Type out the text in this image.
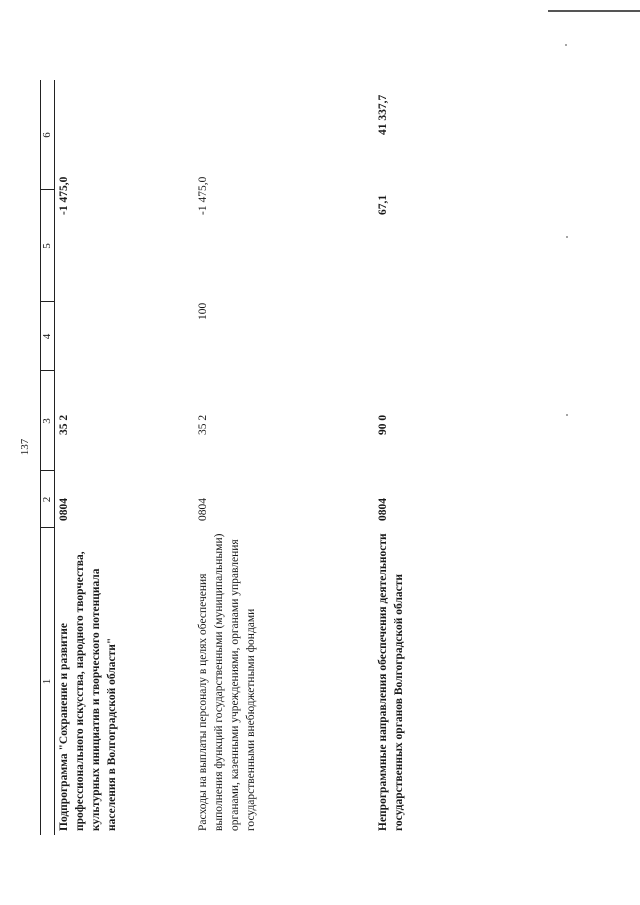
137
1
2
3
4
5
6
Подпрограмма "Сохранение и развитие профессионального искусства, народного творчества, культурных инициатив и творческого потенциала населения в Волгоградской области"
0804
35 2
-1 475,0
Расходы на выплаты персоналу в целях обеспечения выполнения функций государственными (муниципальными) органами, казенными учреждениями, органами управления государственными внебюджетными фондами
0804
35 2
100
-1 475,0
Непрограммные направления обеспечения деятельности государственных органов Волгоградской области
0804
90 0
67,1
41 337,7
